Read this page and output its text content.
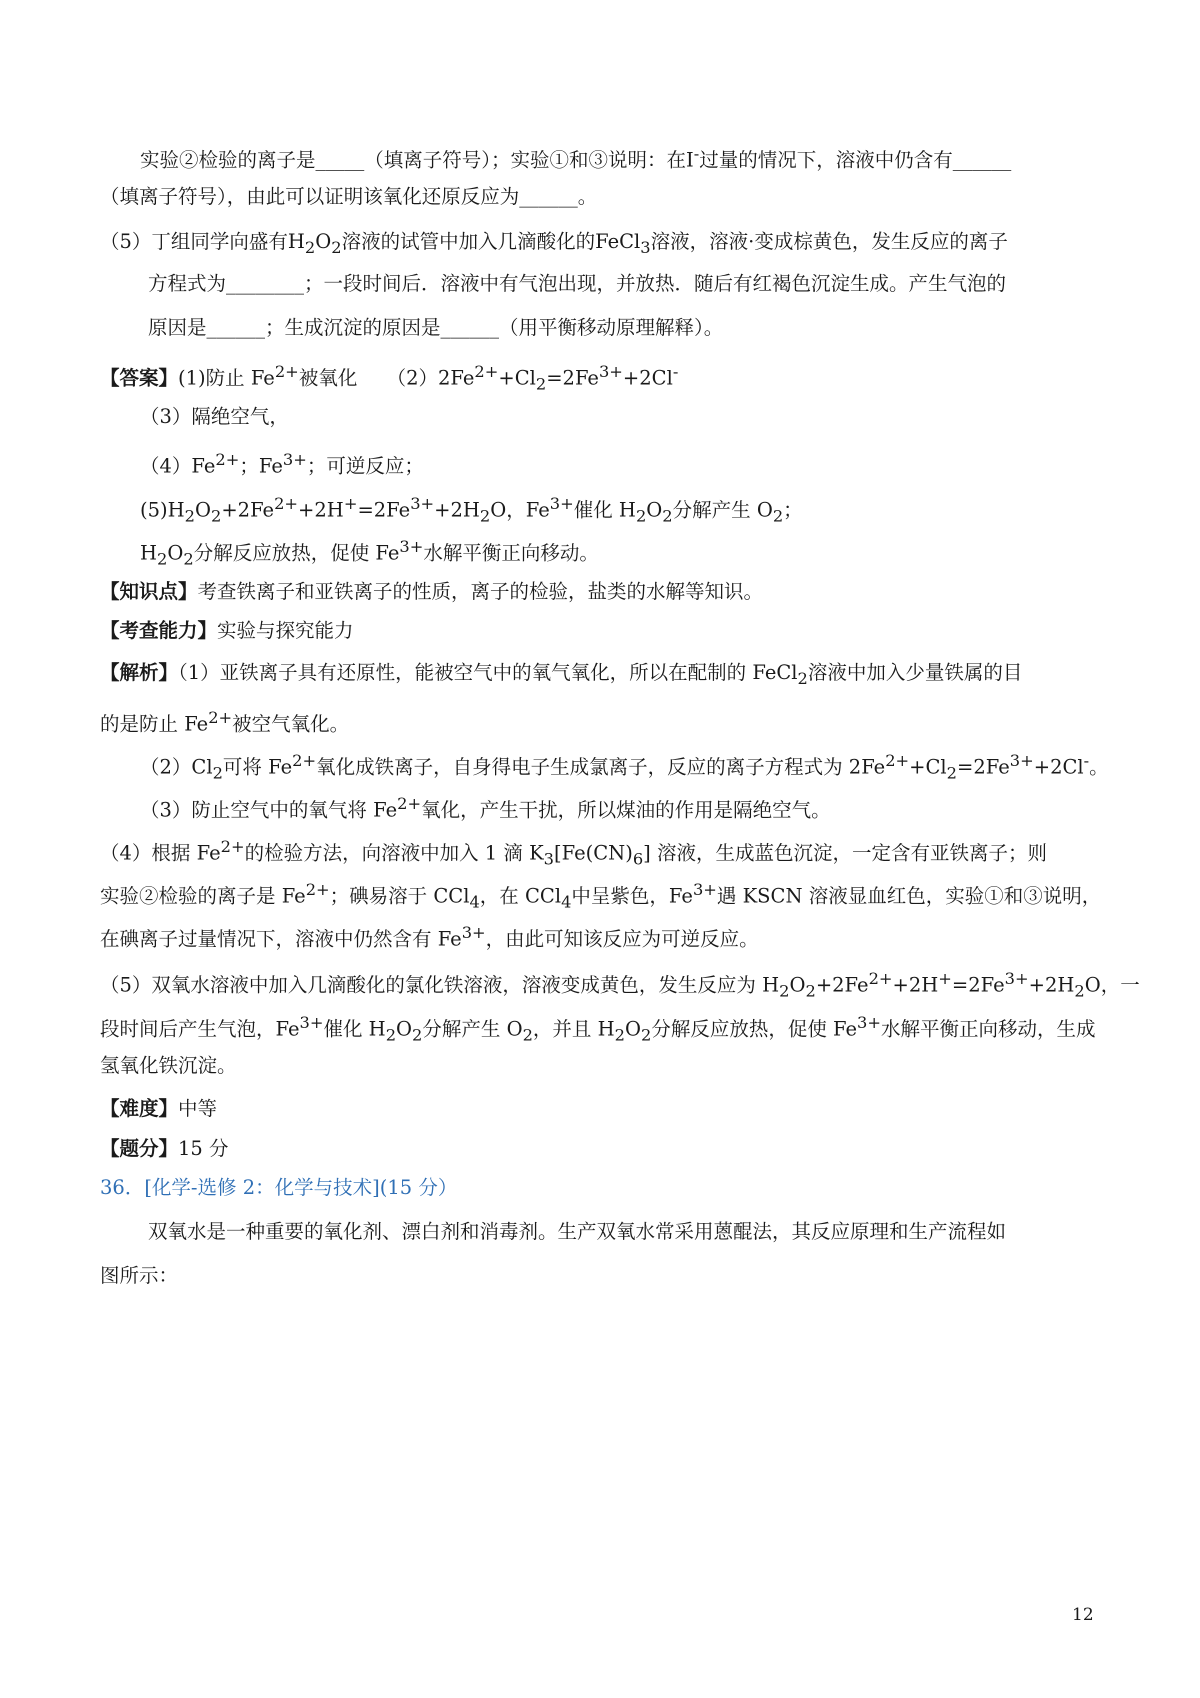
实验②检验的离子是_____（填离子符号）；实验①和③说明：在I-过量的情况下，溶液中仍含有______
（填离子符号），由此可以证明该氧化还原反应为______。
（5）丁组同学向盛有$H_2O_2$溶液的试管中加入几滴酸化的FeCl$_3$溶液，溶液·变成棕黄色，发生反应的离子
方程式为________；一段时间后．溶液中有气泡出现，并放热．随后有红褐色沉淀生成。产生气泡的
原因是______；生成沉淀的原因是______（用平衡移动原理解释）。
【答案】(1)防止 $Fe^{2+}$被氧化　　$(2)2Fe^{2+}+Cl_2=2Fe^{3+}+2Cl^-$
（3）隔绝空气，
$(4)Fe^{2+}$；$Fe^{3+}$；可逆反应；
$(5)H_2O_2+2Fe^{2+}+2H^+=2Fe^{3+}+2H_2O$，$Fe^{3+}$催化 $H_2O_2$分解产生 $O_2$；
$H_2O_2$分解反应放热，促使 $Fe^{3+}$水解平衡正向移动。
【知识点】考查铁离子和亚铁离子的性质，离子的检验，盐类的水解等知识。
【考查能力】实验与探究能力
【解析】（1）亚铁离子具有还原性，能被空气中的氧气氧化，所以在配制的 FeCl$_2$溶液中加入少量铁属的目
的是防止 $Fe^{2+}$被空气氧化。
$(2)Cl_2$可将 $Fe^{2+}$氧化成铁离子，自身得电子生成氯离子，反应的离子方程式为 $2Fe^{2+}+Cl_2=2Fe^{3+}+2Cl^-$。
（3）防止空气中的氧气将 $Fe^{2+}$氧化，产生干扰，所以煤油的作用是隔绝空气。
（4）根据 $Fe^{2+}$的检验方法，向溶液中加入 1 滴 $K_3[Fe(CN)_6]$ 溶液，生成蓝色沉淀，一定含有亚铁离子；则
实验②检验的离子是 $Fe^{2+}$；碘易溶于 CCl$_4$，在 CCl$_4$中呈紫色，$Fe^{3+}$遇 KSCN 溶液显血红色，实验①和③说明，
在碘离子过量情况下，溶液中仍然含有 $Fe^{3+}$，由此可知该反应为可逆反应。
（5）双氧水溶液中加入几滴酸化的氯化铁溶液，溶液变成黄色，发生反应为 $H_2O_2+2Fe^{2+}+2H^+=2Fe^{3+}+2H_2O$，一
段时间后产生气泡，$Fe^{3+}$催化 $H_2O_2$分解产生 $O_2$，并且 $H_2O_2$分解反应放热，促使 $Fe^{3+}$水解平衡正向移动，生成
氢氧化铁沉淀。
【难度】中等
【题分】15 分
36．[化学-选修 2：化学与技术](15 分）
双氧水是一种重要的氧化剂、漂白剂和消毒剂。生产双氧水常采用蒽醌法，其反应原理和生产流程如
图所示：
12
